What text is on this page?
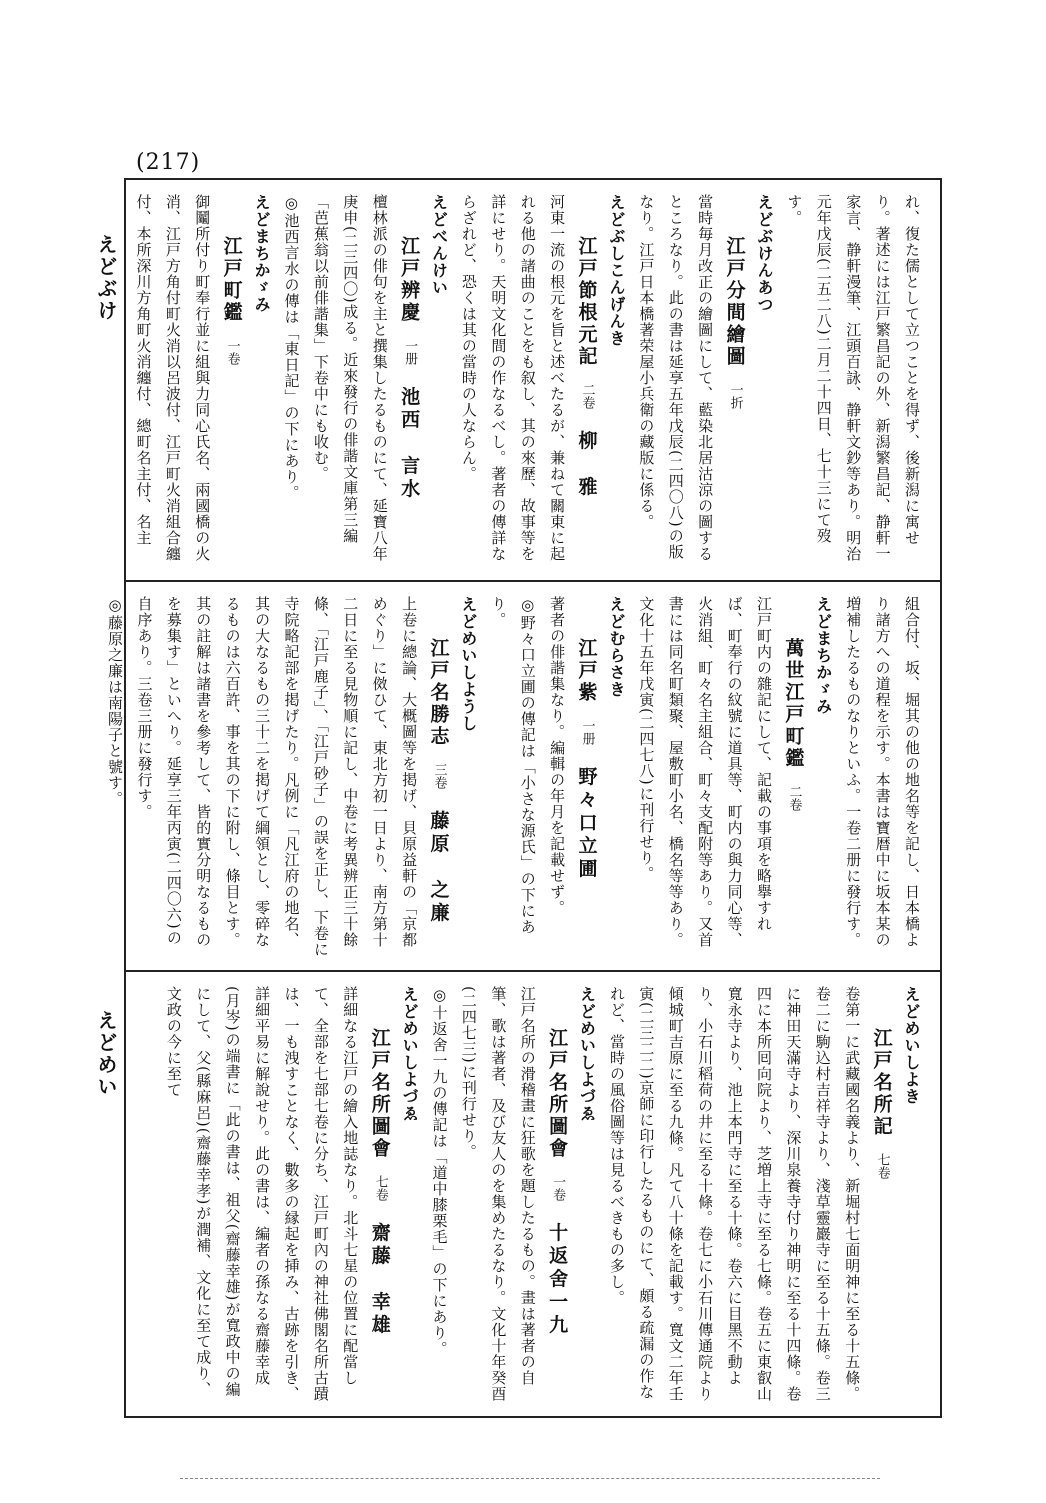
(217)
えどぶけ
えどめい

れ、復た儒として立つことを得ず、後新潟に寓せり。著述には江戸繁昌記の外、新潟繁昌記、静軒一家言、静軒漫筆、江頭百詠、静軒文鈔等あり。明治元年戊辰(二五二八)二月二十四日、七十三にて歿す。

えどぶけんあつ

江戸分間繪圖一折

當時毎月改正の繪圖にして、藍染北居沽涼の圖するところなり。此の書は延享五年戊辰(二四〇八)の版なり。江戸日本橋著荣屋小兵衛の藏版に係る。

えどぶしこんげんき

江戸節根元記二卷柳　雅

河東一流の根元を旨と述べたるが、兼ねて關東に起れる他の諸曲のことをも叙し、其の來歷、故事等を詳にせり。天明文化間の作なるべし。著者の傳詳ならざれど、恐くは其の當時の人ならん。

えどべんけい

江戸辨慶一册池西　言水

檀林派の俳句を主と撰集したるものにて、延寶八年庚申(二三四〇)成る。近來發行の俳諧文庫第三編「芭蕉翁以前俳諧集」下卷中にも收む。

◎池西言水の傳は「東日記」の下にあり。

えどまちかゞみ

江戸町鑑一卷

御鬮所付り町奉行並に組與力同心氏名、兩國橋の火消、江戸方角付町火消以呂波付、江戸町火消組合纏付、本所深川方角町火消纏付、總町名主付、名主

組合付、坂、堀其の他の地名等を記し、日本橋より諸方への道程を示す。本書は寶暦中に坂本某の増補したるものなりといふ。一卷二册に發行す。

えどまちかゞみ

萬世江戸町鑑二卷

江戸町内の雜記にして、記載の事項を略擧すれば、町奉行の紋號に道具等、町内の與力同心等、火消組、町々名主組合、町々支配附等あり。又首書には同名町類聚、屋敷町小名、橋名等等あり。文化十五年戊寅(二四七八)に刊行せり。

えどむらさき

江戸紫一册野々口立圃

著者の俳諧集なり。編輯の年月を記載せず。

◎野々口立圃の傳記は「小さな源氏」の下にあり。

えどめいしようし

江戸名勝志三卷藤原　之廉

上卷に總論、大概圖等を掲げ、貝原益軒の「京都めぐり」に傚ひて、東北方初一日より、南方第十二日に至る見物順に記し、中卷に考異辨正三十餘條、「江戸鹿子」、「江戸砂子」の誤を正し、下卷に寺院略記部を掲げたり。凡例に「凡江府の地名、其の大なるもの三十二を掲げて綱領とし、零碎なるものは六百許、事を其の下に附し、條目とす。其の註解は諸書を參考して、皆的實分明なるものを募集す」といへり。延享三年丙寅(二四〇六)の自序あり。三卷三册に發行す。

◎藤原之廉は南陽子と號す。

えどめいしよき

江戸名所記七卷

卷第一に武藏國名義より、新堀村七面明神に至る十五條。卷二に駒込村吉祥寺より、淺草靈巖寺に至る十五條。卷三に神田天滿寺より、深川泉養寺付り神明に至る十四條。卷四に本所囘向院より、芝増上寺に至る七條。卷五に東叡山寬永寺より、池上本門寺に至る十條。卷六に目黑不動より、小石川稻荷の井に至る十條。卷七に小石川傳通院より傾城町吉原に至る九條。凡て八十條を記載す。寬文二年壬寅(二三二二)京師に印行したるものにて、頗る疏漏の作なれど、當時の風俗圖等は見るべきもの多し。

えどめいしよづゑ

江戸名所圖會一卷十返舍一九

江戸名所の滑稽畫に狂歌を題したるもの。畫は著者の自筆、歌は著者、及び友人のを集めたるなり。文化十年癸酉(二四七三)に刊行せり。

◎十返舍一九の傳記は「道中膝栗毛」の下にあり。

えどめいしよづゑ

江戸名所圖會七卷齋藤　幸雄

詳細なる江戸の繪入地誌なり。北斗七星の位置に配當して、全部を七部七卷に分ち、江戸町內の神社佛閣名所古蹟は、一も洩すことなく、數多の縁起を挿み、古跡を引き、詳細平易に解說せり。此の書は、編者の孫なる齋藤幸成(月岑)の端書に「此の書は、祖父(齋藤幸雄)が寬政中の編にして、父(縣麻呂)(齋藤幸孝)が潤補、文化に至て成り、文政の今に至て
